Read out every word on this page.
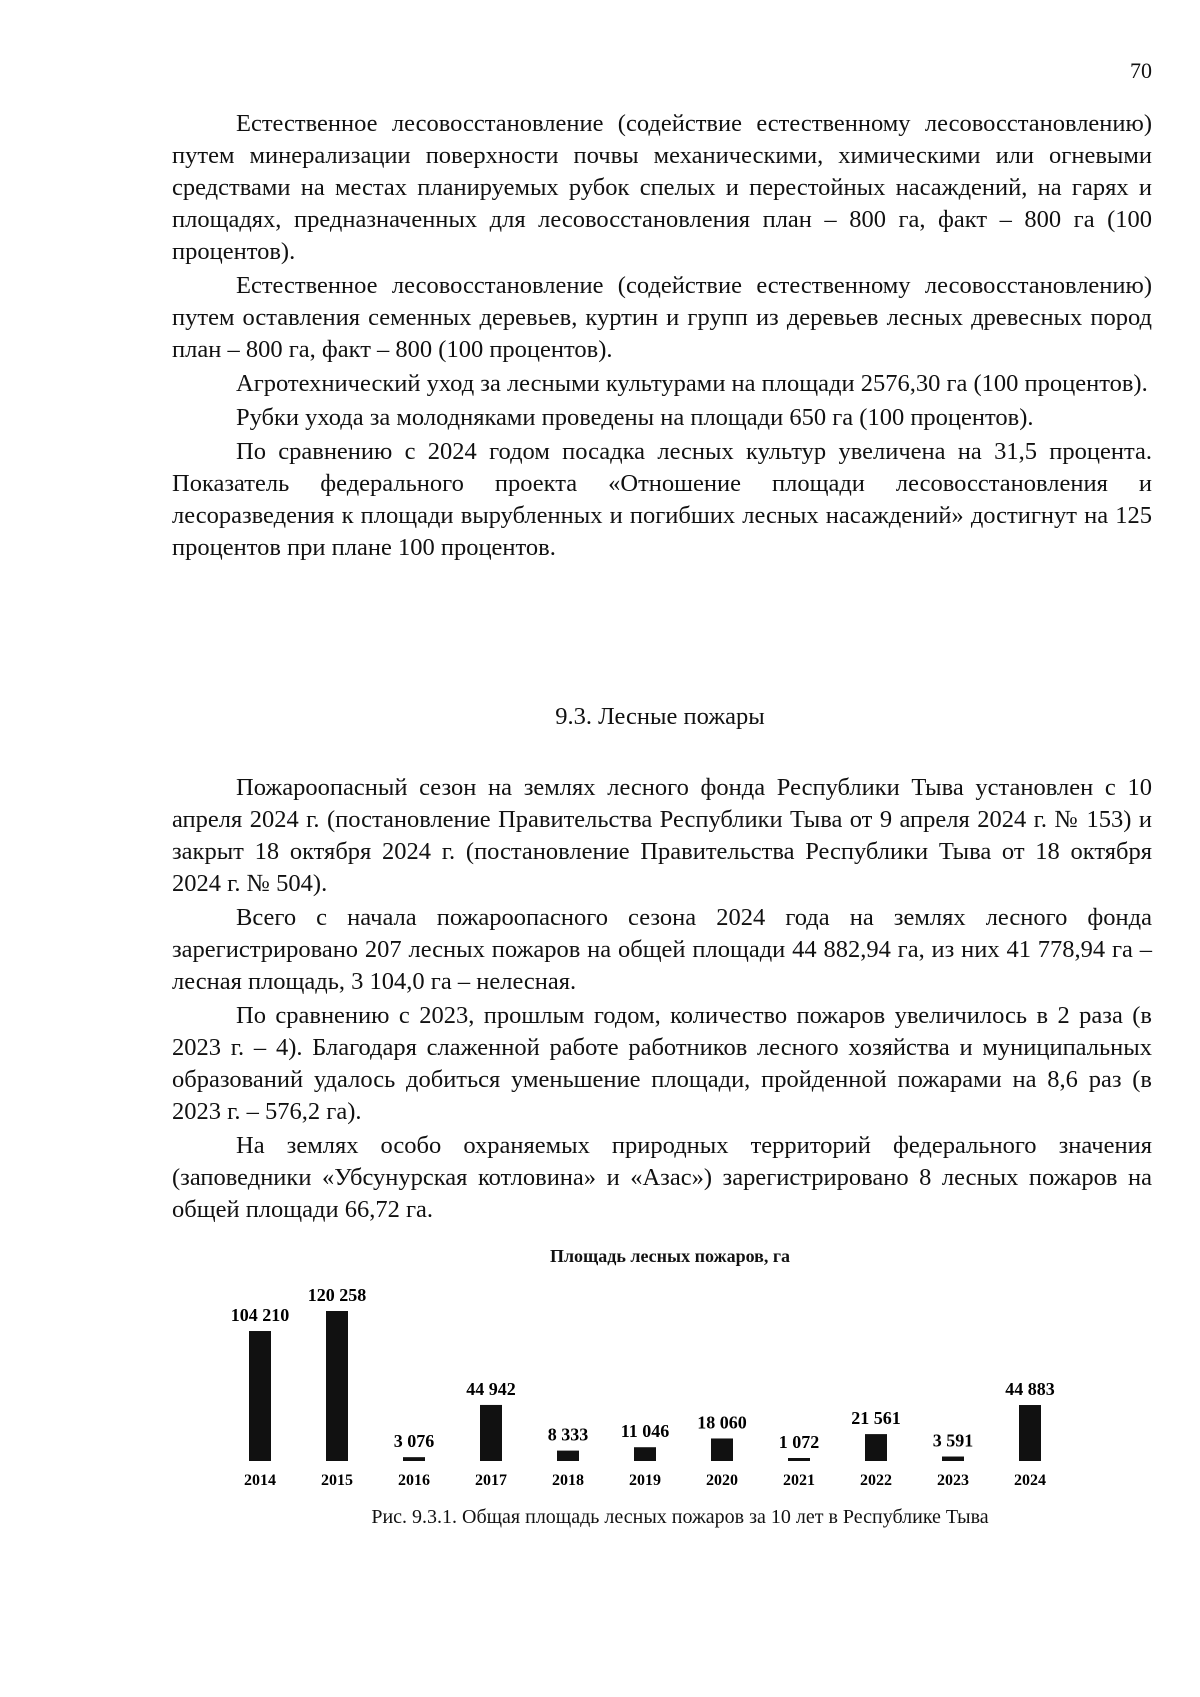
70

Естественное лесовосстановление (содействие естественному лесовосстановлению) путем минерализации поверхности почвы механическими, химическими или огневыми средствами на местах планируемых рубок спелых и перестойных насаждений, на гарях и площадях, предназначенных для лесовосстановления план – 800 га, факт – 800 га (100 процентов).

Естественное лесовосстановление (содействие естественному лесовосстановлению) путем оставления семенных деревьев, куртин и групп из деревьев лесных древесных пород план – 800 га, факт – 800 (100 процентов).

Агротехнический уход за лесными культурами на площади 2576,30 га (100 процентов).

Рубки ухода за молодняками проведены на площади 650 га (100 процентов).

По сравнению с 2024 годом посадка лесных культур увеличена на 31,5 процента. Показатель федерального проекта «Отношение площади лесовосстановления и лесоразведения к площади вырубленных и погибших лесных насаждений» достигнут на 125 процентов при плане 100 процентов.

9.3. Лесные пожары

Пожароопасный сезон на землях лесного фонда Республики Тыва установлен с 10 апреля 2024 г. (постановление Правительства Республики Тыва от 9 апреля 2024 г. № 153) и закрыт 18 октября 2024 г. (постановление Правительства Республики Тыва от 18 октября 2024 г. № 504).

Всего с начала пожароопасного сезона 2024 года на землях лесного фонда зарегистрировано 207 лесных пожаров на общей площади 44 882,94 га, из них 41 778,94 га – лесная площадь, 3 104,0 га – нелесная.

По сравнению с 2023, прошлым годом, количество пожаров увеличилось в 2 раза (в 2023 г. – 4). Благодаря слаженной работе работников лесного хозяйства и муниципальных образований удалось добиться уменьшение площади, пройденной пожарами на 8,6 раз (в 2023 г. – 576,2 га).

На землях особо охраняемых природных территорий федерального значения (заповедники «Убсунурская котловина» и «Азас») зарегистрировано 8 лесных пожаров на общей площади 66,72 га.

Площадь лесных пожаров, га
104 210
2014
120 258
2015
3 076
2016
44 942
2017
8 333
2018
11 046
2019
18 060
2020
1 072
2021
21 561
2022
3 591
2023
44 883
2024
Рис. 9.3.1. Общая площадь лесных пожаров за 10 лет в Республике Тыва
